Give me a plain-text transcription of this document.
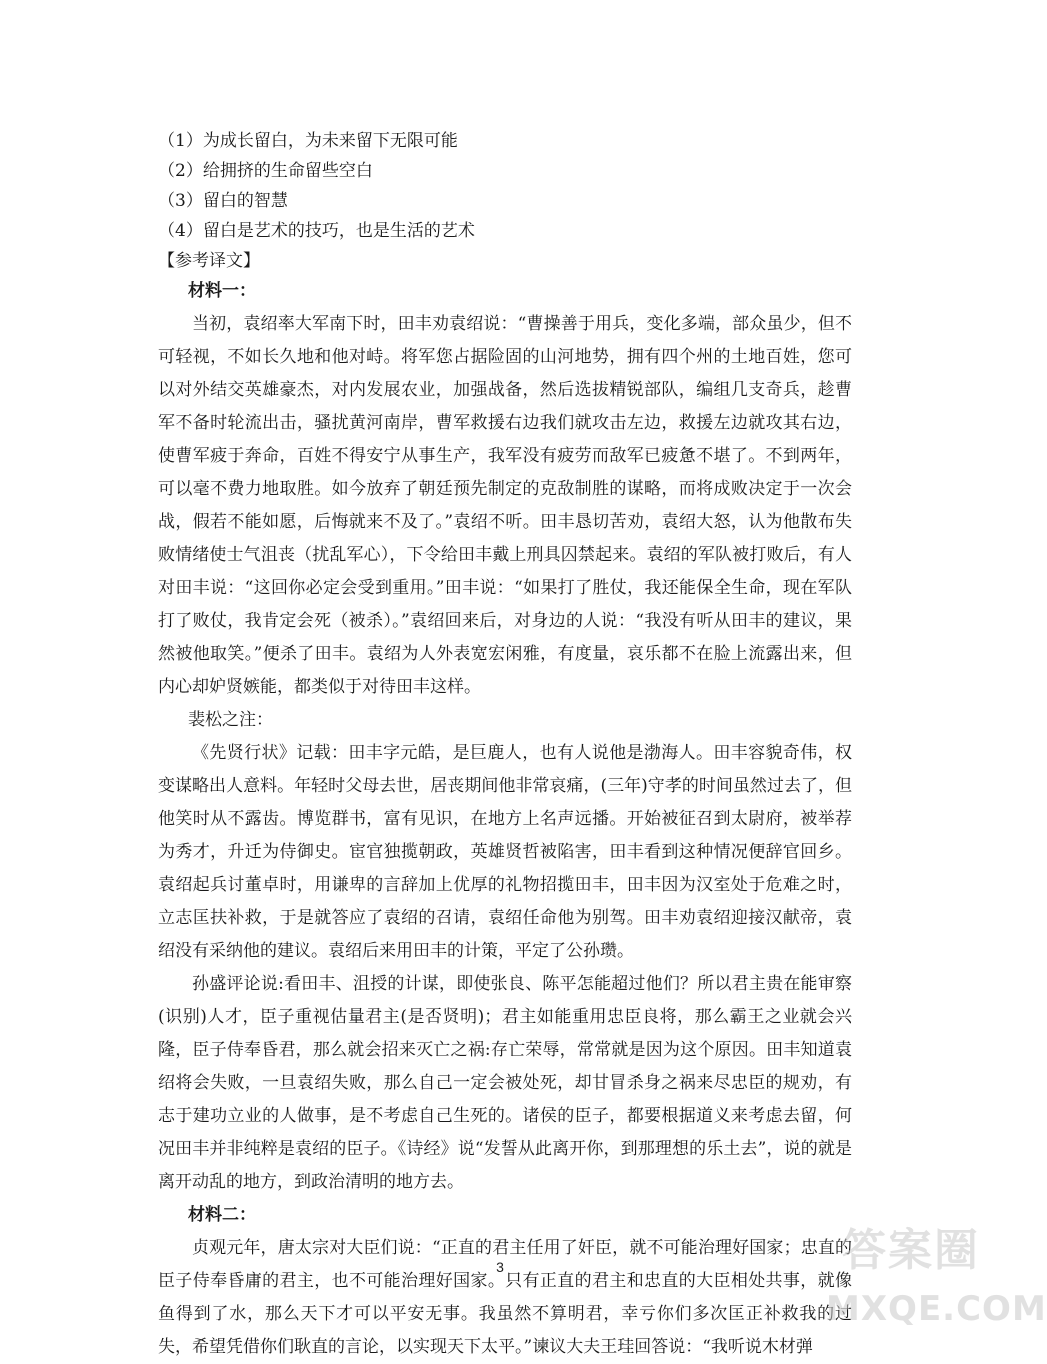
（1）为成长留白，为未来留下无限可能
（2）给拥挤的生命留些空白
（3）留白的智慧
（4）留白是艺术的技巧，也是生活的艺术
【参考译文】
材料一：

当初，袁绍率大军南下时，田丰劝袁绍说：“曹操善于用兵，变化多端，部众虽少，但不可轻视，不如长久地和他对峙。将军您占据险固的山河地势，拥有四个州的土地百姓，您可以对外结交英雄豪杰，对内发展农业，加强战备，然后选拔精锐部队，编组几支奇兵，趁曹军不备时轮流出击，骚扰黄河南岸，曹军救援右边我们就攻击左边，救援左边就攻其右边，使曹军疲于奔命，百姓不得安宁从事生产，我军没有疲劳而敌军已疲惫不堪了。不到两年，可以毫不费力地取胜。如今放弃了朝廷预先制定的克敌制胜的谋略，而将成败决定于一次会战，假若不能如愿，后悔就来不及了。”袁绍不听。田丰恳切苦劝，袁绍大怒，认为他散布失败情绪使士气沮丧（扰乱军心），下令给田丰戴上刑具囚禁起来。袁绍的军队被打败后，有人对田丰说：“这回你必定会受到重用。”田丰说：“如果打了胜仗，我还能保全生命，现在军队打了败仗，我肯定会死（被杀）。”袁绍回来后，对身边的人说：“我没有听从田丰的建议，果然被他取笑。”便杀了田丰。袁绍为人外表宽宏闲雅，有度量，哀乐都不在脸上流露出来，但内心却妒贤嫉能，都类似于对待田丰这样。

裴松之注：

《先贤行状》记载：田丰字元皓，是巨鹿人，也有人说他是渤海人。田丰容貌奇伟，权变谋略出人意料。年轻时父母去世，居丧期间他非常哀痛，(三年)守孝的时间虽然过去了，但他笑时从不露齿。博览群书，富有见识，在地方上名声远播。开始被征召到太尉府，被举荐为秀才，升迁为侍御史。宦官独揽朝政，英雄贤哲被陷害，田丰看到这种情况便辞官回乡。袁绍起兵讨董卓时，用谦卑的言辞加上优厚的礼物招揽田丰，田丰因为汉室处于危难之时，立志匡扶补救，于是就答应了袁绍的召请，袁绍任命他为别驾。田丰劝袁绍迎接汉献帝，袁绍没有采纳他的建议。袁绍后来用田丰的计策，平定了公孙瓒。

孙盛评论说:看田丰、沮授的计谋，即使张良、陈平怎能超过他们？所以君主贵在能审察(识别)人才，臣子重视估量君主(是否贤明)；君主如能重用忠臣良将，那么霸王之业就会兴隆，臣子侍奉昏君，那么就会招来灭亡之祸:存亡荣辱，常常就是因为这个原因。田丰知道袁绍将会失败，一旦袁绍失败，那么自己一定会被处死，却甘冒杀身之祸来尽忠臣的规劝，有志于建功立业的人做事，是不考虑自己生死的。诸侯的臣子，都要根据道义来考虑去留，何况田丰并非纯粹是袁绍的臣子。《诗经》说“发誓从此离开你，到那理想的乐土去”，说的就是离开动乱的地方，到政治清明的地方去。

材料二：

贞观元年，唐太宗对大臣们说：“正直的君主任用了奸臣，就不可能治理好国家；忠直的臣子侍奉昏庸的君主，也不可能治理好国家。只有正直的君主和忠直的大臣相处共事，就像鱼得到了水，那么天下才可以平安无事。我虽然不算明君，幸亏你们多次匡正补救我的过失，希望凭借你们耿直的言论，以实现天下太平。”谏议大夫王珪回答说：“我听说木材弹

3	答案圈
MXQE.COM
